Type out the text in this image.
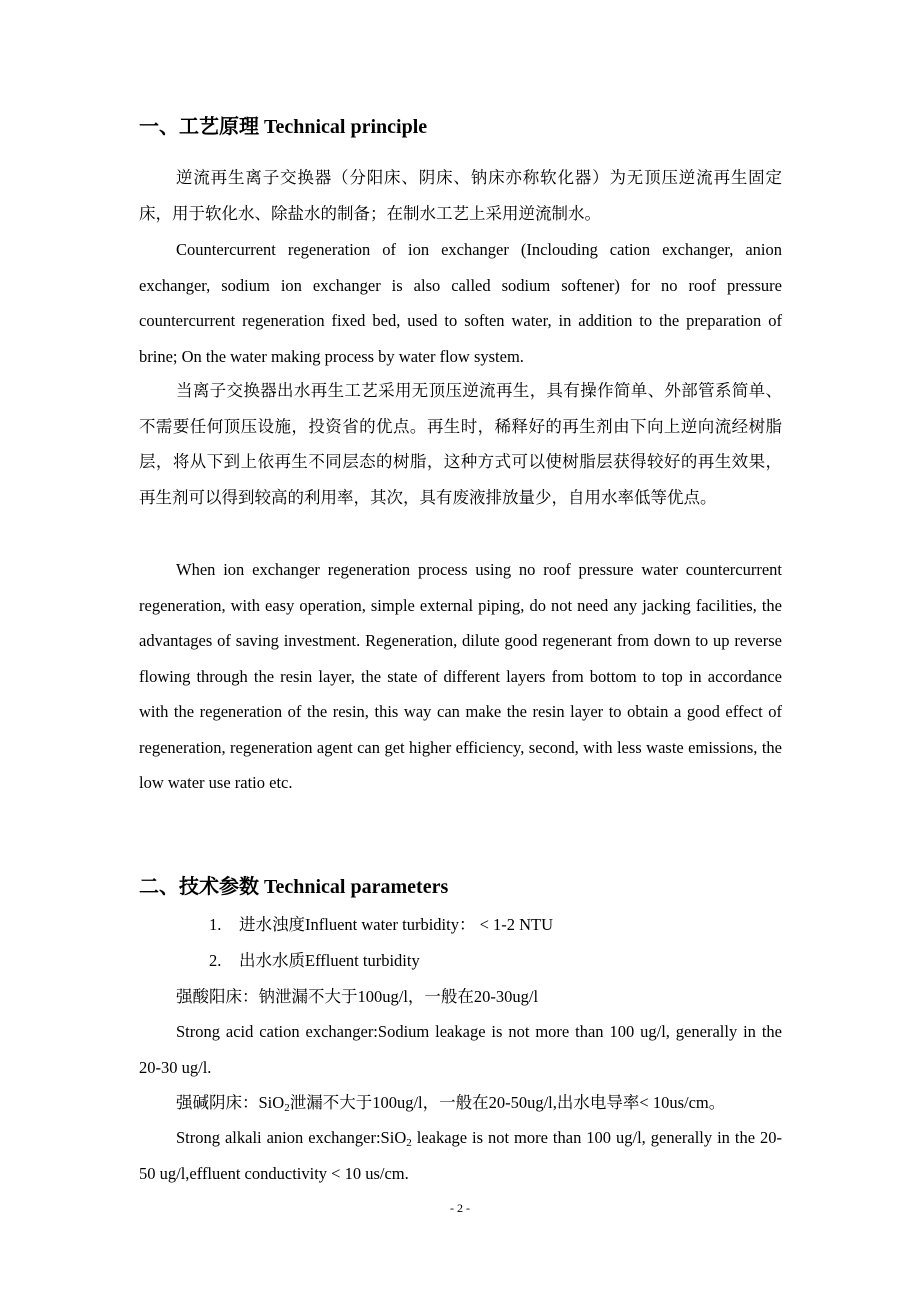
一、工艺原理 Technical principle

逆流再生离子交换器（分阳床、阴床、钠床亦称软化器）为无顶压逆流再生固定床，用于软化水、除盐水的制备；在制水工艺上采用逆流制水。

Countercurrent regeneration of ion exchanger (Inclouding cation exchanger, anion exchanger, sodium ion exchanger is also called sodium softener) for no roof pressure countercurrent regeneration fixed bed, used to soften water, in addition to the preparation of brine; On the water making process by water flow system.

当离子交换器出水再生工艺采用无顶压逆流再生，具有操作简单、外部管系简单、不需要任何顶压设施，投资省的优点。再生时，稀释好的再生剂由下向上逆向流经树脂层，将从下到上依再生不同层态的树脂，这种方式可以使树脂层获得较好的再生效果，再生剂可以得到较高的利用率，其次，具有废液排放量少，自用水率低等优点。

When ion exchanger regeneration process using no roof pressure water countercurrent regeneration, with easy operation, simple external piping, do not need any jacking facilities, the advantages of saving investment. Regeneration, dilute good regenerant from down to up reverse flowing through the resin layer, the state of different layers from bottom to top in accordance with the regeneration of the resin, this way can make the resin layer to obtain a good effect of regeneration, regeneration agent can get higher efficiency, second, with less waste emissions, the low water use ratio etc.

二、技术参数 Technical parameters

1. 进水浊度Influent water turbidity： < 1-2 NTU

2. 出水水质Effluent turbidity

强酸阳床：钠泄漏不大于100ug/l，一般在20-30ug/l

Strong acid cation exchanger:Sodium leakage is not more than 100 ug/l, generally in the 20-30 ug/l.

强碱阴床：SiO$_2$泄漏不大于100ug/l，一般在20-50ug/l,出水电导率< 10us/cm。

Strong alkali anion exchanger:SiO$_2$ leakage is not more than 100 ug/l, generally in the 20-50 ug/l,effluent conductivity < 10 us/cm.

- 2 -
